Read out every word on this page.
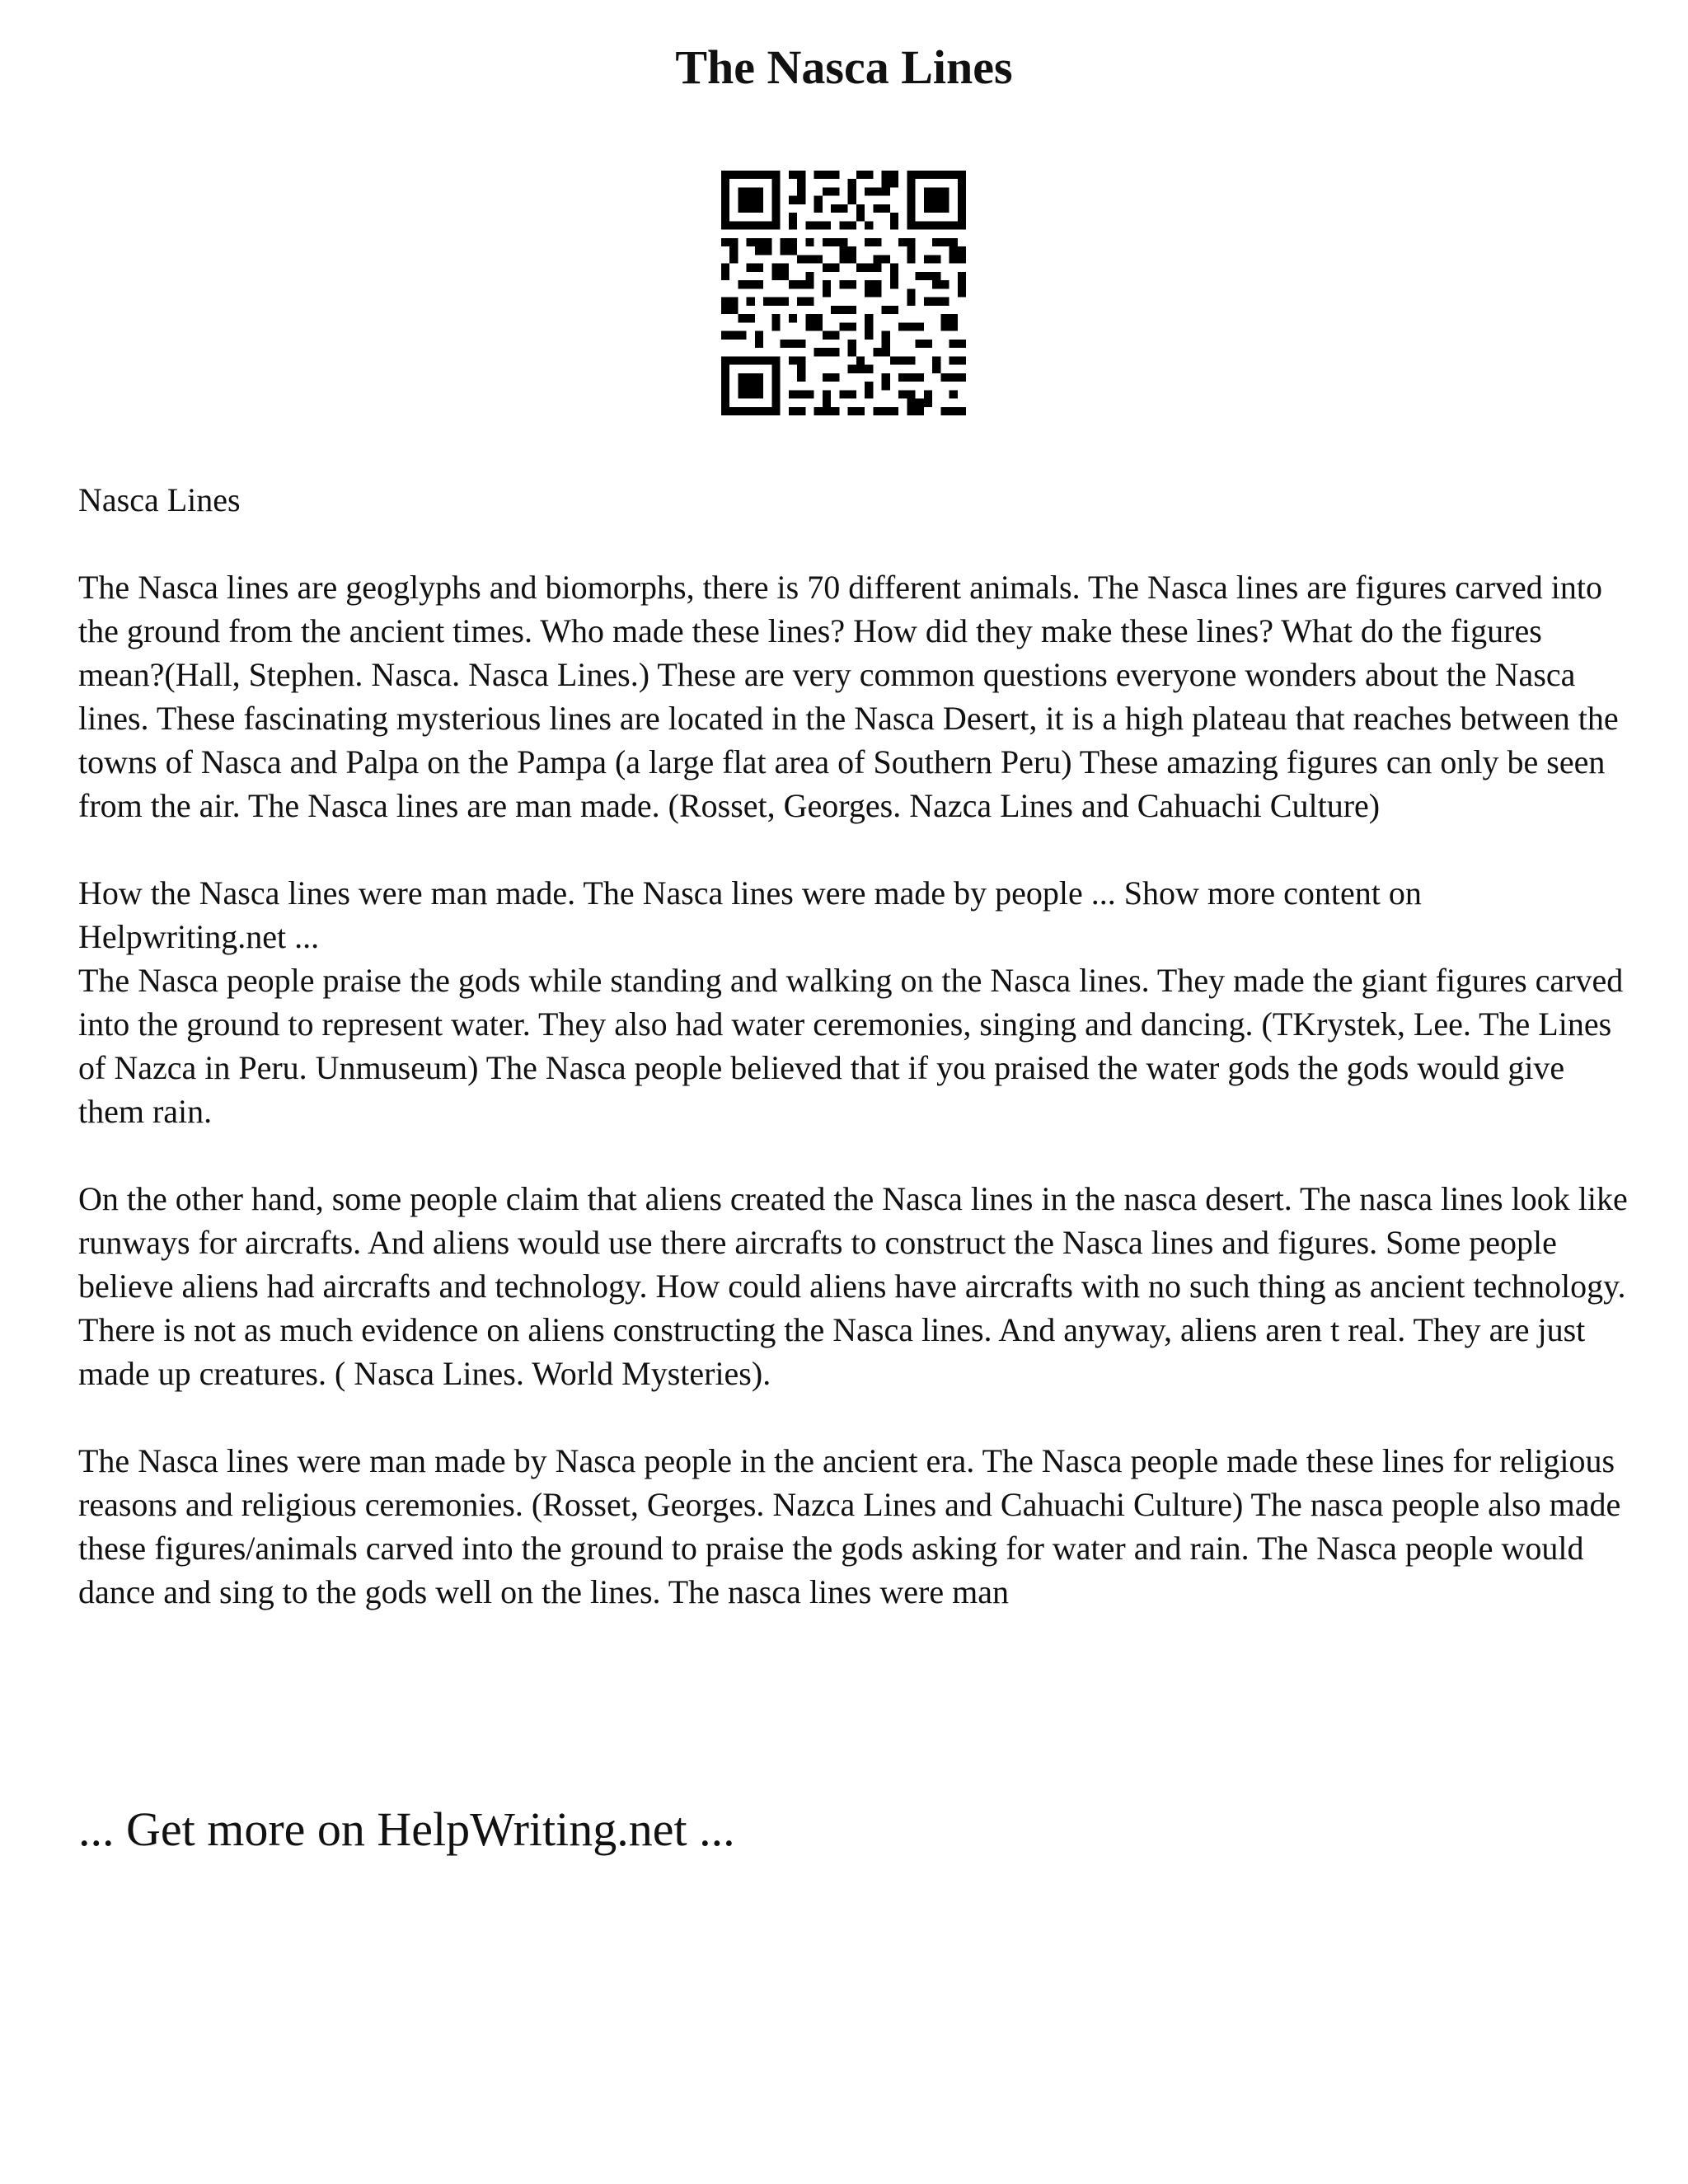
The Nasca Lines

Nasca Lines

The Nasca lines are geoglyphs and biomorphs, there is 70 different animals. The Nasca lines are figures carved into the ground from the ancient times. Who made these lines? How did they make these lines? What do the figures mean?(Hall, Stephen. Nasca. Nasca Lines.) These are very common questions everyone wonders about the Nasca lines. These fascinating mysterious lines are located in the Nasca Desert, it is a high plateau that reaches between the towns of Nasca and Palpa on the Pampa (a large flat area of Southern Peru) These amazing figures can only be seen from the air. The Nasca lines are man made. (Rosset, Georges. Nazca Lines and Cahuachi Culture)

How the Nasca lines were man made. The Nasca lines were made by people ... Show more content on Helpwriting.net ...

The Nasca people praise the gods while standing and walking on the Nasca lines. They made the giant figures carved into the ground to represent water. They also had water ceremonies, singing and dancing. (TKrystek, Lee. The Lines of Nazca in Peru. Unmuseum) The Nasca people believed that if you praised the water gods the gods would give them rain.

On the other hand, some people claim that aliens created the Nasca lines in the nasca desert. The nasca lines look like runways for aircrafts. And aliens would use there aircrafts to construct the Nasca lines and figures. Some people believe aliens had aircrafts and technology. How could aliens have aircrafts with no such thing as ancient technology. There is not as much evidence on aliens constructing the Nasca lines. And anyway, aliens aren t real. They are just made up creatures. ( Nasca Lines. World Mysteries).

The Nasca lines were man made by Nasca people in the ancient era. The Nasca people made these lines for religious reasons and religious ceremonies. (Rosset, Georges. Nazca Lines and Cahuachi Culture) The nasca people also made these figures/animals carved into the ground to praise the gods asking for water and rain. The Nasca people would dance and sing to the gods well on the lines. The nasca lines were man

... Get more on HelpWriting.net ...
